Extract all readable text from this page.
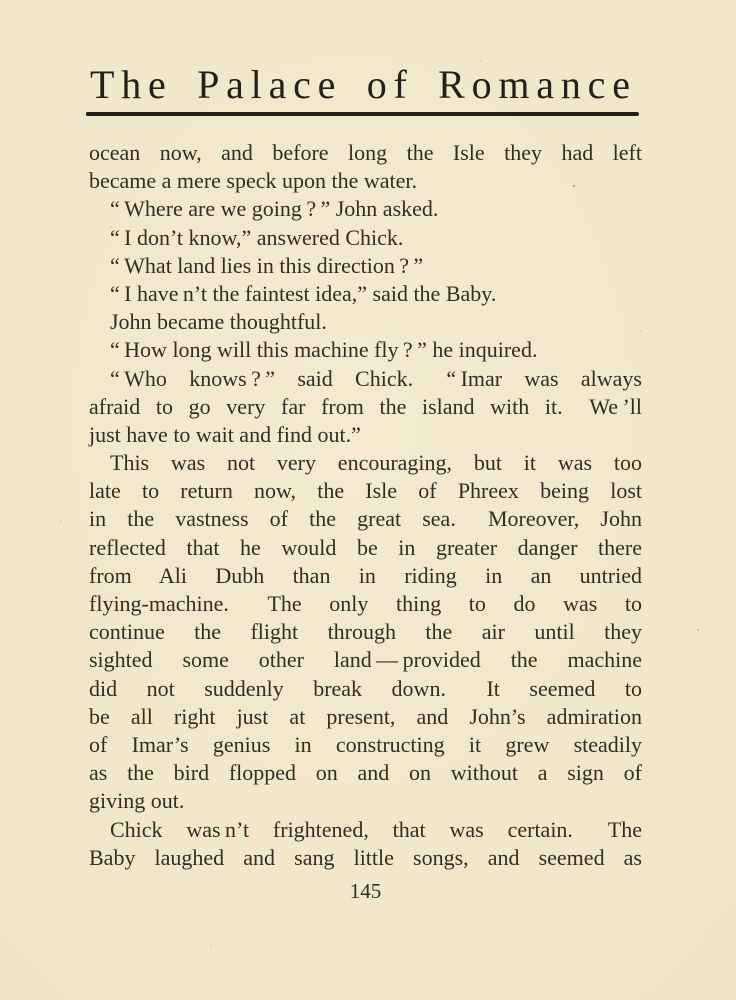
The Palace of Romance
ocean now, and before long the Isle they had left
became a mere speck upon the water.
“ Where are we going ? ” John asked.
“ I don’t know,” answered Chick.
“ What land lies in this direction ? ”
“ I have n’t the faintest idea,” said the Baby.
John became thoughtful.
“ How long will this machine fly ? ” he inquired.
“ Who knows ? ” said Chick.  “ Imar was always
afraid to go very far from the island with it.  We ’ll
just have to wait and find out.”
This was not very encouraging, but it was too
late to return now, the Isle of Phreex being lost
in the vastness of the great sea.  Moreover, John
reflected that he would be in greater danger there
from Ali Dubh than in riding in an untried
flying-machine.  The only thing to do was to
continue the flight through the air until they
sighted some other land — provided the machine
did not suddenly break down.  It seemed to
be all right just at present, and John’s admiration
of Imar’s genius in constructing it grew steadily
as the bird flopped on and on without a sign of
giving out.
Chick was n’t frightened, that was certain.  The
Baby laughed and sang little songs, and seemed as
145
